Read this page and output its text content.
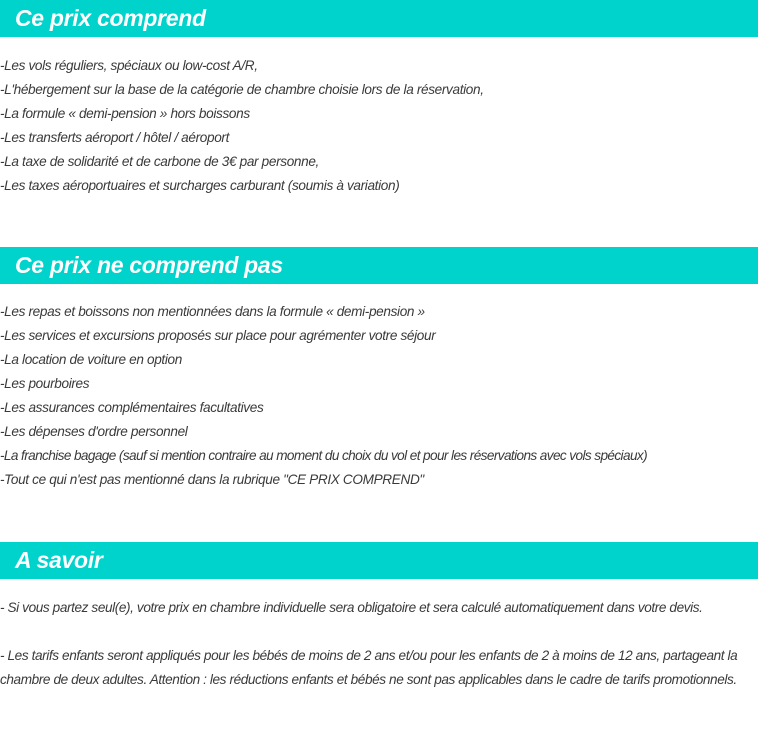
Ce prix comprend
-Les vols réguliers, spéciaux ou low-cost A/R,
-L'hébergement sur la base de la catégorie de chambre choisie lors de la réservation,
-La formule « demi-pension » hors boissons
-Les transferts aéroport / hôtel / aéroport
-La taxe de solidarité et de carbone de 3€ par personne,
-Les taxes aéroportuaires et surcharges carburant (soumis à variation)
Ce prix ne comprend pas
-Les repas et boissons non mentionnées dans la formule « demi-pension »
-Les services et excursions proposés sur place pour agrémenter votre séjour
-La location de voiture en option
-Les pourboires
-Les assurances complémentaires facultatives
-Les dépenses d'ordre personnel
-La franchise bagage (sauf si mention contraire au moment du choix du vol et pour les réservations avec vols spéciaux)
-Tout ce qui n'est pas mentionné dans la rubrique "CE PRIX COMPREND"
A savoir

- Si vous partez seul(e), votre prix en chambre individuelle sera obligatoire et sera calculé automatiquement dans votre devis.

- Les tarifs enfants seront appliqués pour les bébés de moins de 2 ans et/ou pour les enfants de 2 à moins de 12 ans, partageant la chambre de deux adultes. Attention : les réductions enfants et bébés ne sont pas applicables dans le cadre de tarifs promotionnels.
